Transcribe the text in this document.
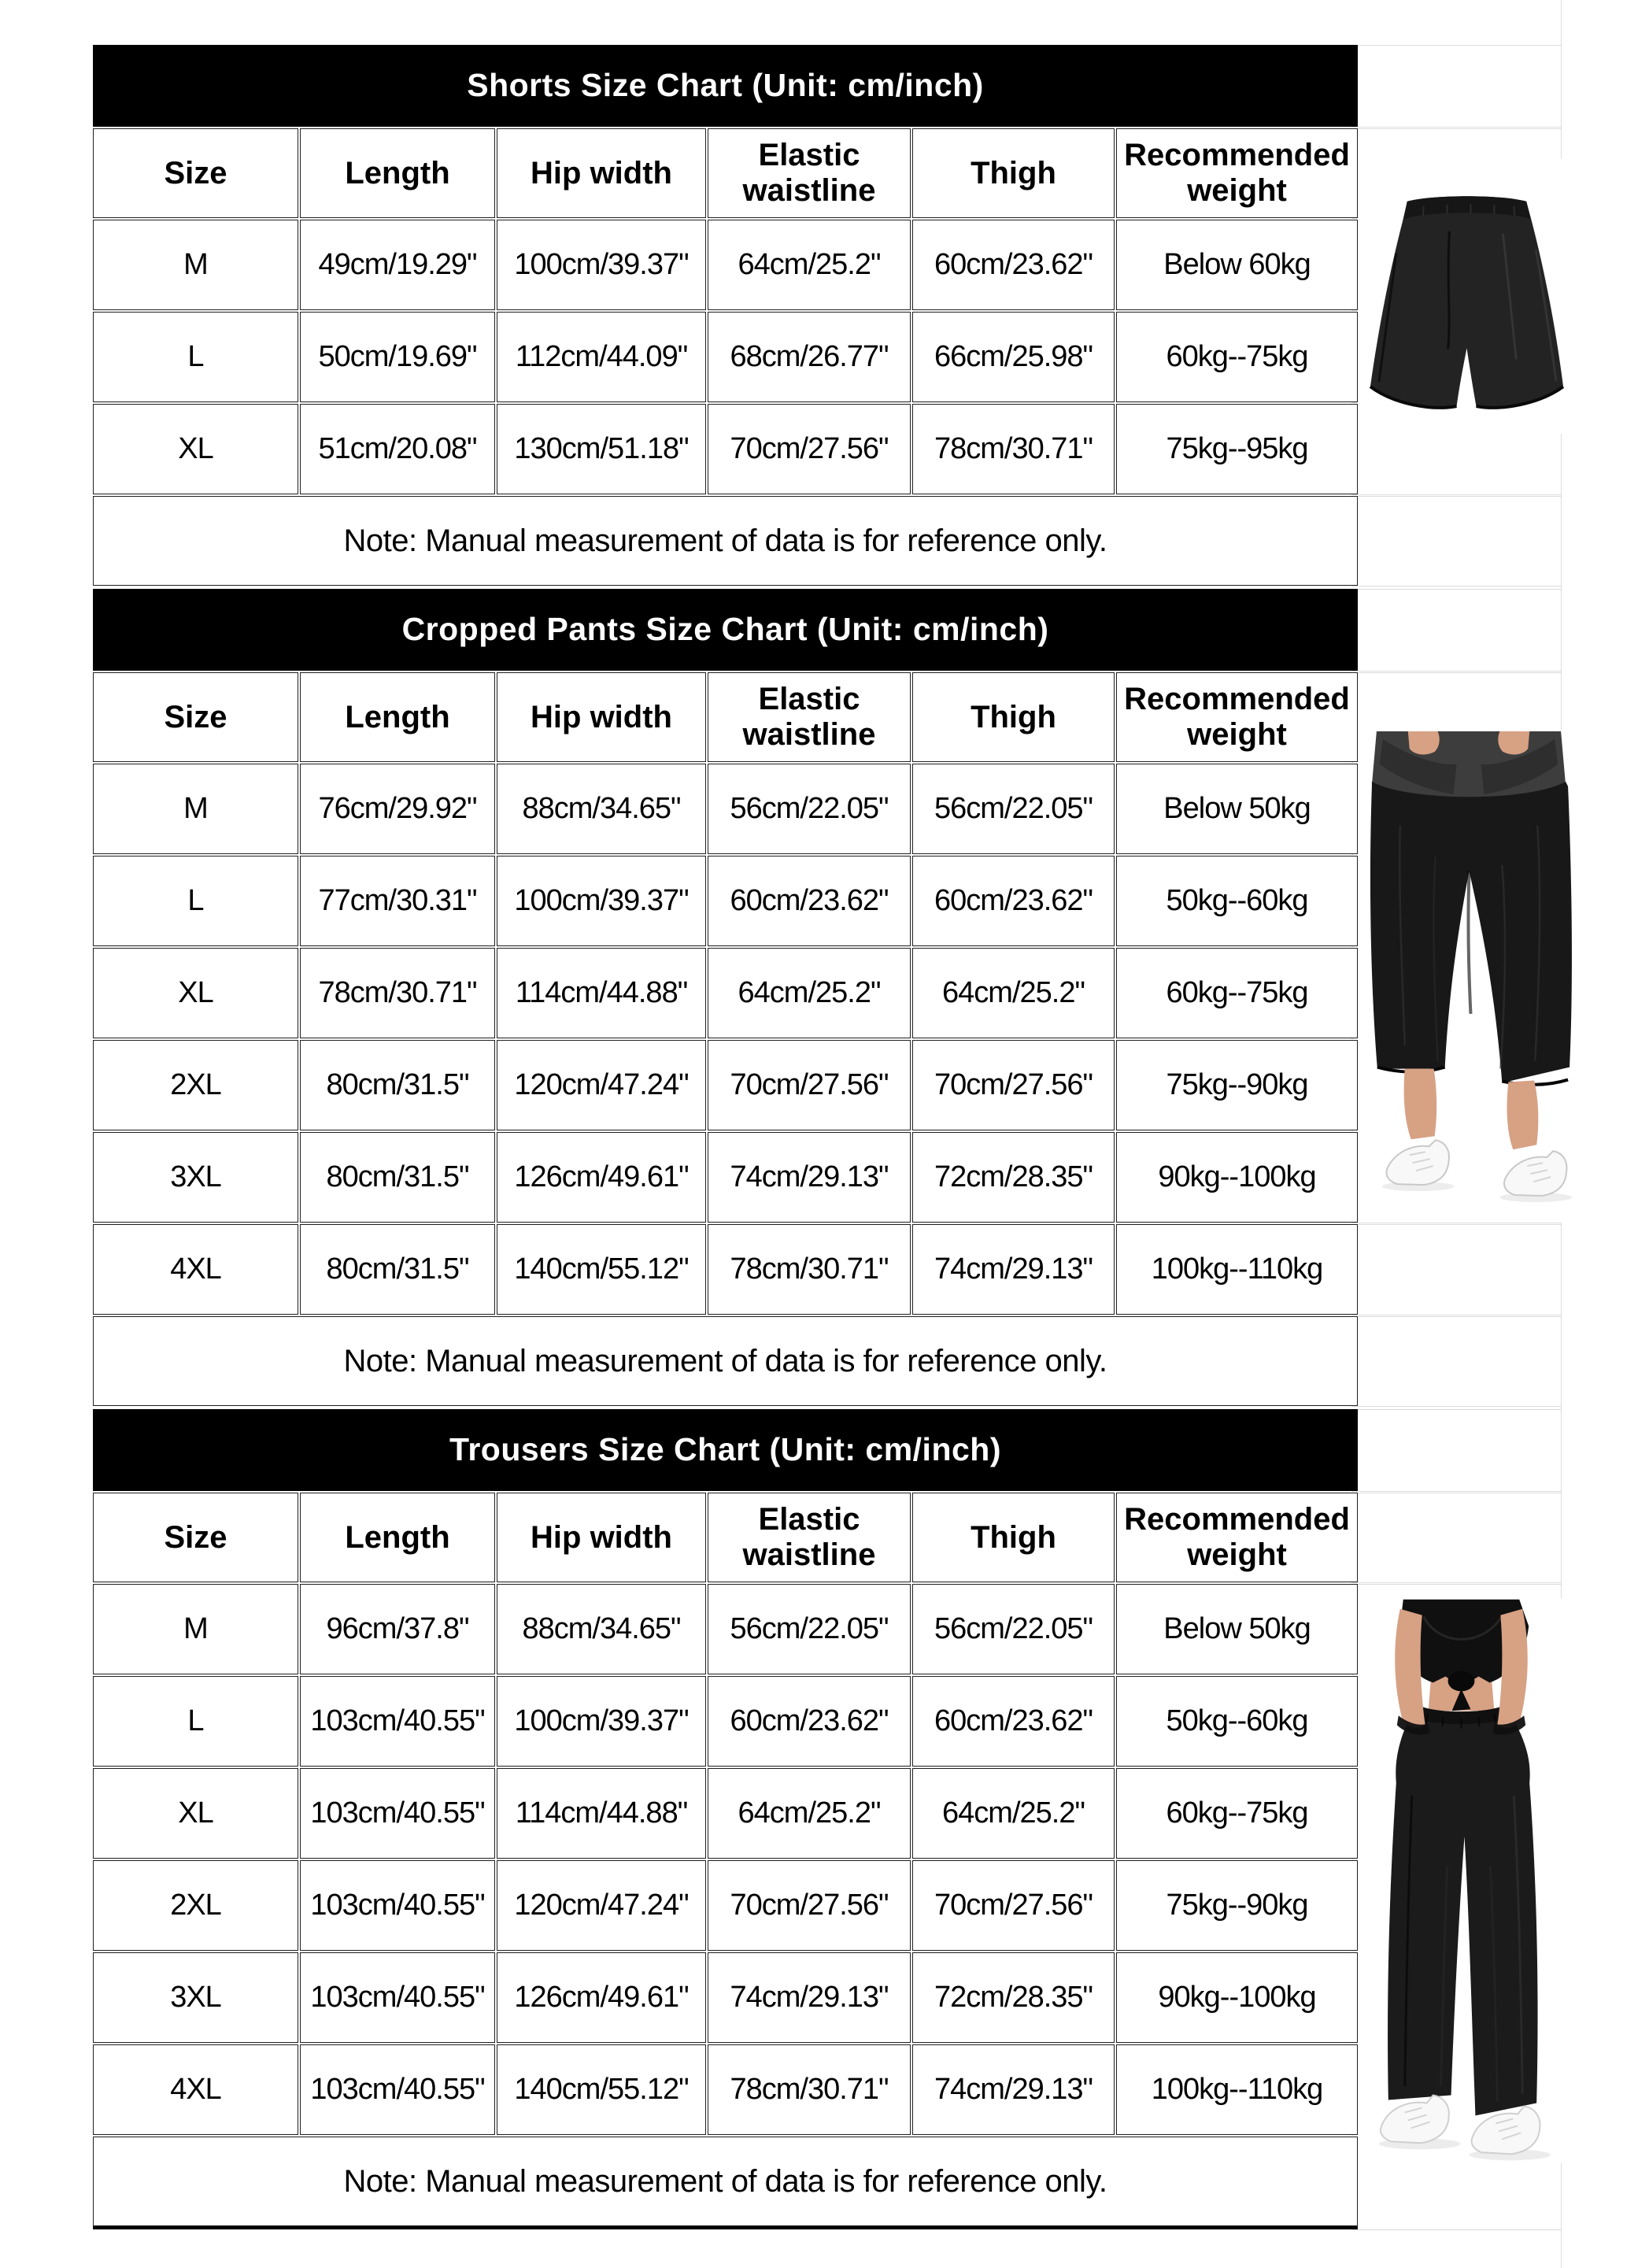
Shorts Size Chart (Unit: cm/inch)					
Size	Length	Hip width	Elastic waistline	Thigh	Recommended weight
M	49cm/19.29"	100cm/39.37"	64cm/25.2"	60cm/23.62"	Below 60kg
L	50cm/19.69"	112cm/44.09"	68cm/26.77"	66cm/25.98"	60kg--75kg
XL	51cm/20.08"	130cm/51.18"	70cm/27.56"	78cm/30.71"	75kg--95kg
Note: Manual measurement of data is for reference only.					
Cropped Pants Size Chart (Unit: cm/inch)					
Size	Length	Hip width	Elastic waistline	Thigh	Recommended weight
M	76cm/29.92"	88cm/34.65"	56cm/22.05"	56cm/22.05"	Below 50kg
L	77cm/30.31"	100cm/39.37"	60cm/23.62"	60cm/23.62"	50kg--60kg
XL	78cm/30.71"	114cm/44.88"	64cm/25.2"	64cm/25.2"	60kg--75kg
2XL	80cm/31.5"	120cm/47.24"	70cm/27.56"	70cm/27.56"	75kg--90kg
3XL	80cm/31.5"	126cm/49.61"	74cm/29.13"	72cm/28.35"	90kg--100kg
4XL	80cm/31.5"	140cm/55.12"	78cm/30.71"	74cm/29.13"	100kg--110kg
Note: Manual measurement of data is for reference only.					
Trousers Size Chart (Unit: cm/inch)					
Size	Length	Hip width	Elastic waistline	Thigh	Recommended weight
M	96cm/37.8"	88cm/34.65"	56cm/22.05"	56cm/22.05"	Below 50kg
L	103cm/40.55"	100cm/39.37"	60cm/23.62"	60cm/23.62"	50kg--60kg
XL	103cm/40.55"	114cm/44.88"	64cm/25.2"	64cm/25.2"	60kg--75kg
2XL	103cm/40.55"	120cm/47.24"	70cm/27.56"	70cm/27.56"	75kg--90kg
3XL	103cm/40.55"	126cm/49.61"	74cm/29.13"	72cm/28.35"	90kg--100kg
4XL	103cm/40.55"	140cm/55.12"	78cm/30.71"	74cm/29.13"	100kg--110kg
Note: Manual measurement of data is for reference only.					
